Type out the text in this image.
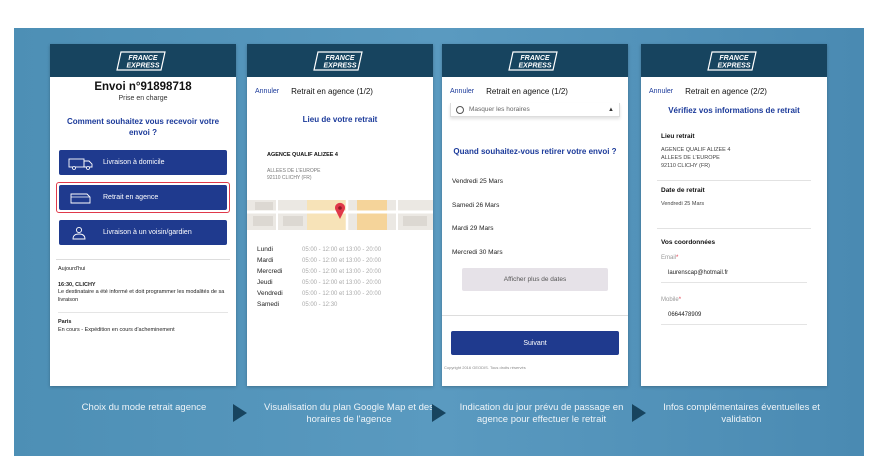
FRANCE
EXPRESS
Envoi n°91898718
Prise en charge
Comment souhaitez vous recevoir votre envoi ?
Livraison à domicile
Retrait en agence
Livraison à un voisin/gardien
Aujourd'hui
16:30, CLICHY
Le destinataire a été informé et doit programmer les modalités de sa livraison
Paris
En cours - Expédition en cours d'acheminement
FRANCE
EXPRESS
Annuler Retrait en agence (1/2)
Lieu de votre retrait
AGENCE QUALIF ALIZEE 4
ALLEES DE L'EUROPE
92110 CLICHY (FR)
Lundi	05:00 - 12:00 et 13:00 - 20:00
Mardi	05:00 - 12:00 et 13:00 - 20:00
Mercredi	05:00 - 12:00 et 13:00 - 20:00
Jeudi	05:00 - 12:00 et 13:00 - 20:00
Vendredi	05:00 - 12:00 et 13:00 - 20:00
Samedi	05:00 - 12:30
FRANCE
EXPRESS
Annuler Retrait en agence (1/2)
Masquer les horaires	▲
Quand souhaitez-vous retirer votre envoi ?
Vendredi 25 Mars
Samedi 26 Mars
Mardi 29 Mars
Mercredi 30 Mars
Afficher plus de dates
Suivant
Copyright 2016 GEODIS. Tous droits réservés
FRANCE
EXPRESS
Annuler Retrait en agence (2/2)
Vérifiez vos informations de retrait
Lieu retrait
AGENCE QUALIF ALIZEE 4
ALLEES DE L'EUROPE
92110 CLICHY (FR)
Date de retrait
Vendredi 25 Mars
Vos coordonnées
Email*
laurenscap@hotmail.fr
Mobile*
0664478909
Choix du mode retrait agence	Visualisation du plan Google Map et des horaires de l'agence
Indication du jour prévu de passage en agence pour effectuer le retrait
Infos complémentaires éventuelles et validation
